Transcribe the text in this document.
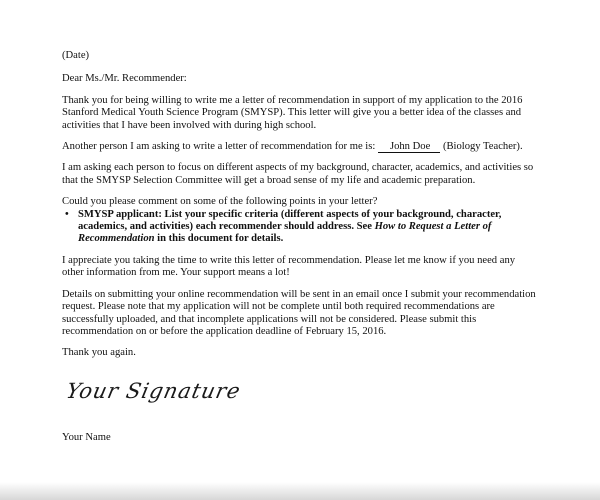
(Date)

Dear Ms./Mr. Recommender:

Thank you for being willing to write me a letter of recommendation in support of my application to the 2016
Stanford Medical Youth Science Program (SMYSP). This letter will give you a better idea of the classes and
activities that I have been involved with during high school.
Another person I am asking to write a letter of recommendation for me is: John Doe (Biology Teacher).
I am asking each person to focus on different aspects of my background, character, academics, and activities so
that the SMYSP Selection Committee will get a broad sense of my life and academic preparation.
Could you please comment on some of the following points in your letter?
• SMYSP applicant: List your specific criteria (different aspects of your background, character,
academics, and activities) each recommender should address. See How to Request a Letter of
Recommendation in this document for details.
I appreciate you taking the time to write this letter of recommendation. Please let me know if you need any
other information from me. Your support means a lot!
Details on submitting your online recommendation will be sent in an email once I submit your recommendation
request. Please note that my application will not be complete until both required recommendations are
successfully uploaded, and that incomplete applications will not be considered. Please submit this
recommendation on or before the application deadline of February 15, 2016.

Thank you again.

Your Signature

Your Name
